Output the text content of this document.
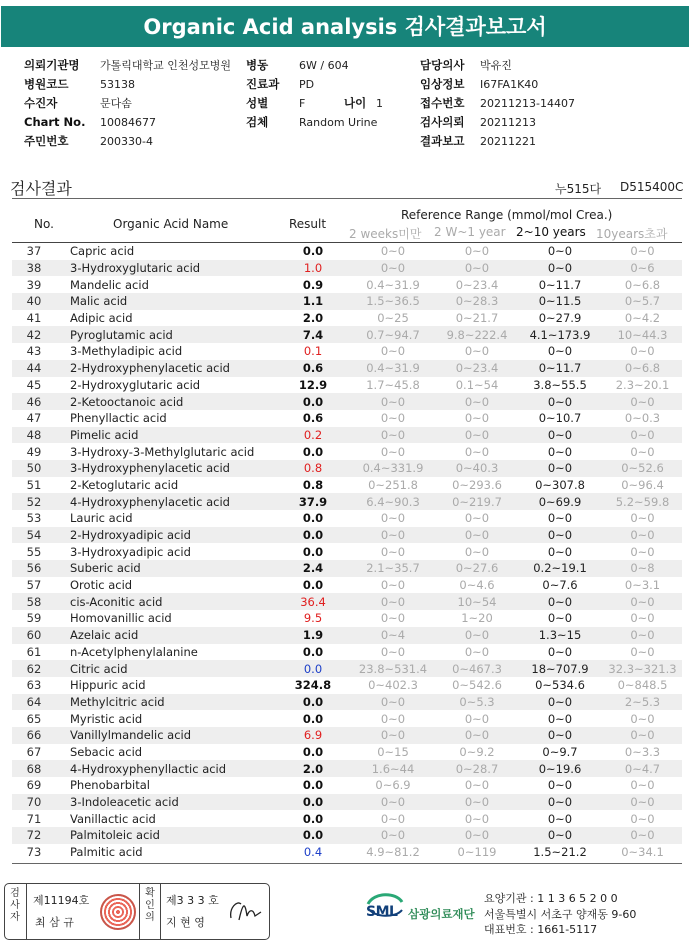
Organic Acid analysis 검사결과보고서
의뢰기관명 가톨릭대학교 인천성모병원 병동	6W / 604	담당의사 박유진
병원코드	53138	진료과 PD	임상정보 I67FA1K40
수진자	문다솜	성별	F	나이 1	접수번호 20211213-14407
Chart No. 10084677	검체	Random Urine	검사의뢰 20211213
주민번호	200330-4	결과보고 20211221
검사결과	누515다 D515400C
No.	Organic Acid Name	Result
Reference Range (mmol/mol Crea.)
2 weeks미만 2 W~1 year 2~10 years 10years초과
37	Capric acid	0.0	0~0	0~0	0~0	0~0
38	3-Hydroxyglutaric acid	1.0	0~0	0~0	0~0	0~6
39	Mandelic acid	0.9	0.4~31.9	0~23.4	0~11.7	0~6.8
40	Malic acid	1.1	1.5~36.5	0~28.3	0~11.5	0~5.7
41	Adipic acid	2.0	0~25	0~21.7	0~27.9	0~4.2
42	Pyroglutamic acid	7.4	0.7~94.7	9.8~222.4	4.1~173.9	10~44.3
43	3-Methyladipic acid	0.1	0~0	0~0	0~0	0~0
44	2-Hydroxyphenylacetic acid	0.6	0.4~31.9	0~23.4	0~11.7	0~6.8
45	2-Hydroxyglutaric acid	12.9	1.7~45.8	0.1~54	3.8~55.5	2.3~20.1
46	2-Ketooctanoic acid	0.0	0~0	0~0	0~0	0~0
47	Phenyllactic acid	0.6	0~0	0~0	0~10.7	0~0.3
48	Pimelic acid	0.2	0~0	0~0	0~0	0~0
49	3-Hydroxy-3-Methylglutaric acid	0.0	0~0	0~0	0~0	0~0
50	3-Hydroxyphenylacetic acid	0.8	0.4~331.9	0~40.3	0~0	0~52.6
51	2-Ketoglutaric acid	0.8	0~251.8	0~293.6	0~307.8	0~96.4
52	4-Hydroxyphenylacetic acid	37.9	6.4~90.3	0~219.7	0~69.9	5.2~59.8
53	Lauric acid	0.0	0~0	0~0	0~0	0~0
54	2-Hydroxyadipic acid	0.0	0~0	0~0	0~0	0~0
55	3-Hydroxyadipic acid	0.0	0~0	0~0	0~0	0~0
56	Suberic acid	2.4	2.1~35.7	0~27.6	0.2~19.1	0~8
57	Orotic acid	0.0	0~0	0~4.6	0~7.6	0~3.1
58	cis-Aconitic acid	36.4	0~0	10~54	0~0	0~0
59	Homovanillic acid	9.5	0~0	1~20	0~0	0~0
60	Azelaic acid	1.9	0~4	0~0	1.3~15	0~0
61	n-Acetylphenylalanine	0.0	0~0	0~0	0~0	0~0
62	Citric acid	0.0	23.8~531.4	0~467.3	18~707.9	32.3~321.3
63	Hippuric acid	324.8	0~402.3	0~542.6	0~534.6	0~848.5
64	Methylcitric acid	0.0	0~0	0~5.3	0~0	2~5.3
65	Myristic acid	0.0	0~0	0~0	0~0	0~0
66	Vanillylmandelic acid	6.9	0~0	0~0	0~0	0~0
67	Sebacic acid	0.0	0~15	0~9.2	0~9.7	0~3.3
68	4-Hydroxyphenyllactic acid	2.0	1.6~44	0~28.7	0~19.6	0~4.7
69	Phenobarbital	0.0	0~6.9	0~0	0~0	0~0
70	3-Indoleacetic acid	0.0	0~0	0~0	0~0	0~0
71	Vanillactic acid	0.0	0~0	0~0	0~0	0~0
72	Palmitoleic acid	0.0	0~0	0~0	0~0	0~0
73	Palmitic acid	0.4	4.9~81.2	0~119	1.5~21.2	0~34.1
검사자
제11194호
최 삼 규
확인의
제3 3 3 호
지 현 영
SML 삼광의료재단
요양기관 : 1 1 3 6 5 2 0 0
서울특별시 서초구 양재동 9-60
대표번호 : 1661-5117
